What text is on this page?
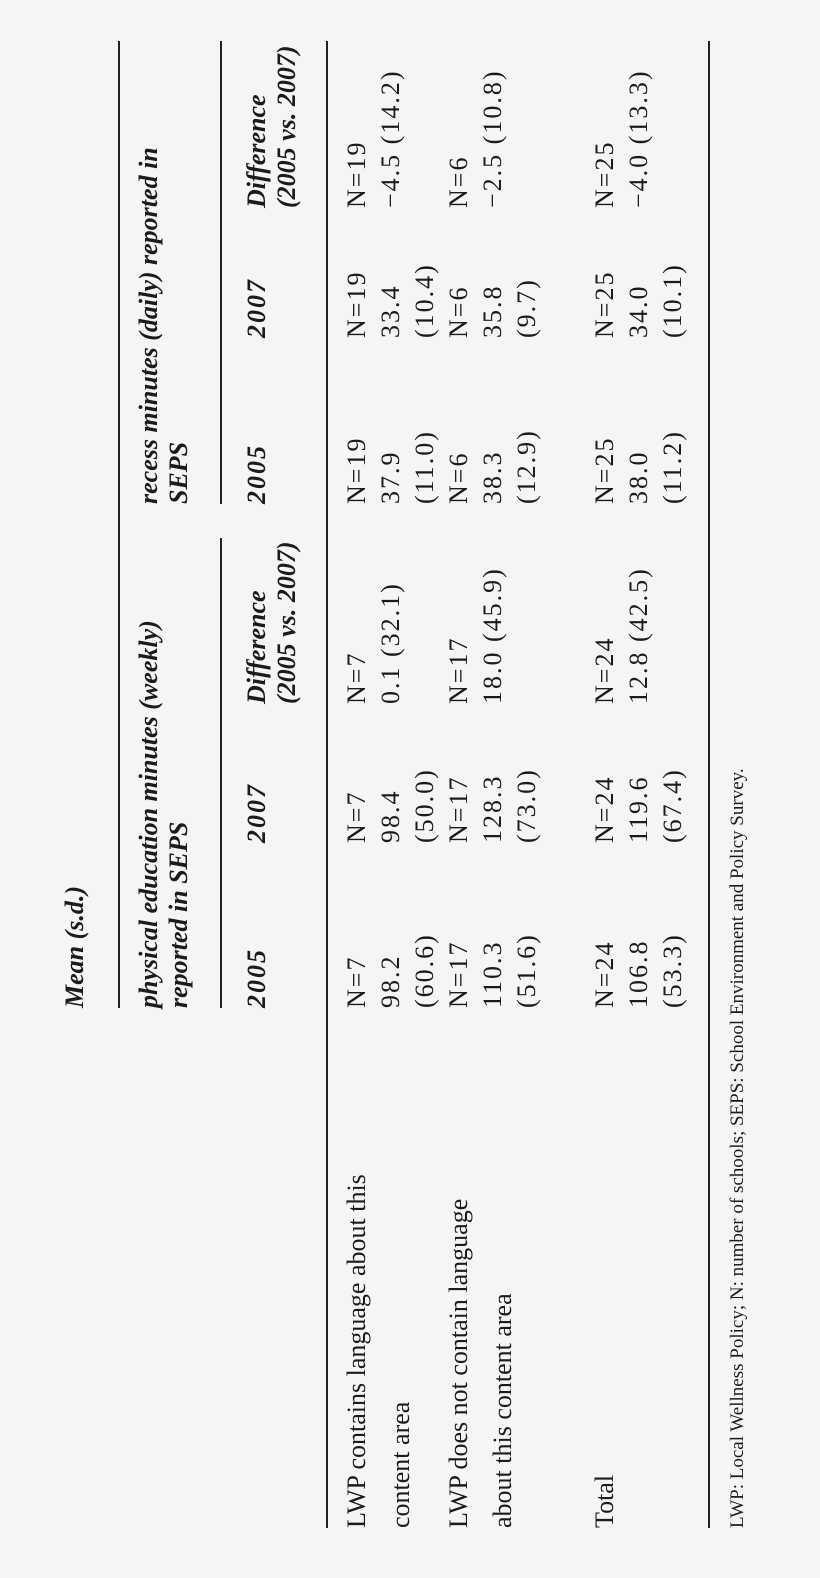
Mean (s.d.) physical education minutes (weekly) reported in SEPS
recess minutes (daily) reported in SEPS
2005
2007
Difference (2005 vs. 2007)
2005
2007
Difference (2005 vs. 2007)
LWP contains language about this content area
N=7 98.2 (60.6)
N=7 98.4 (50.0)
N=7 0.1 (32.1)
N=19 37.9 (11.0)
N=19 33.4 (10.4)
N=19 −4.5 (14.2)
LWP does not contain language about this content area
N=17 110.3 (51.6)
N=17 128.3 (73.0)
N=17 18.0 (45.9)
N=6 38.3 (12.9)
N=6 35.8 (9.7)
N=6 −2.5 (10.8)
Total
N=24 106.8 (53.3)
N=24 119.6 (67.4)
N=24 12.8 (42.5)
N=25 38.0 (11.2)
N=25 34.0 (10.1)
N=25 −4.0 (13.3)
LWP: Local Wellness Policy; N: number of schools; SEPS: School Environment and Policy Survey.
